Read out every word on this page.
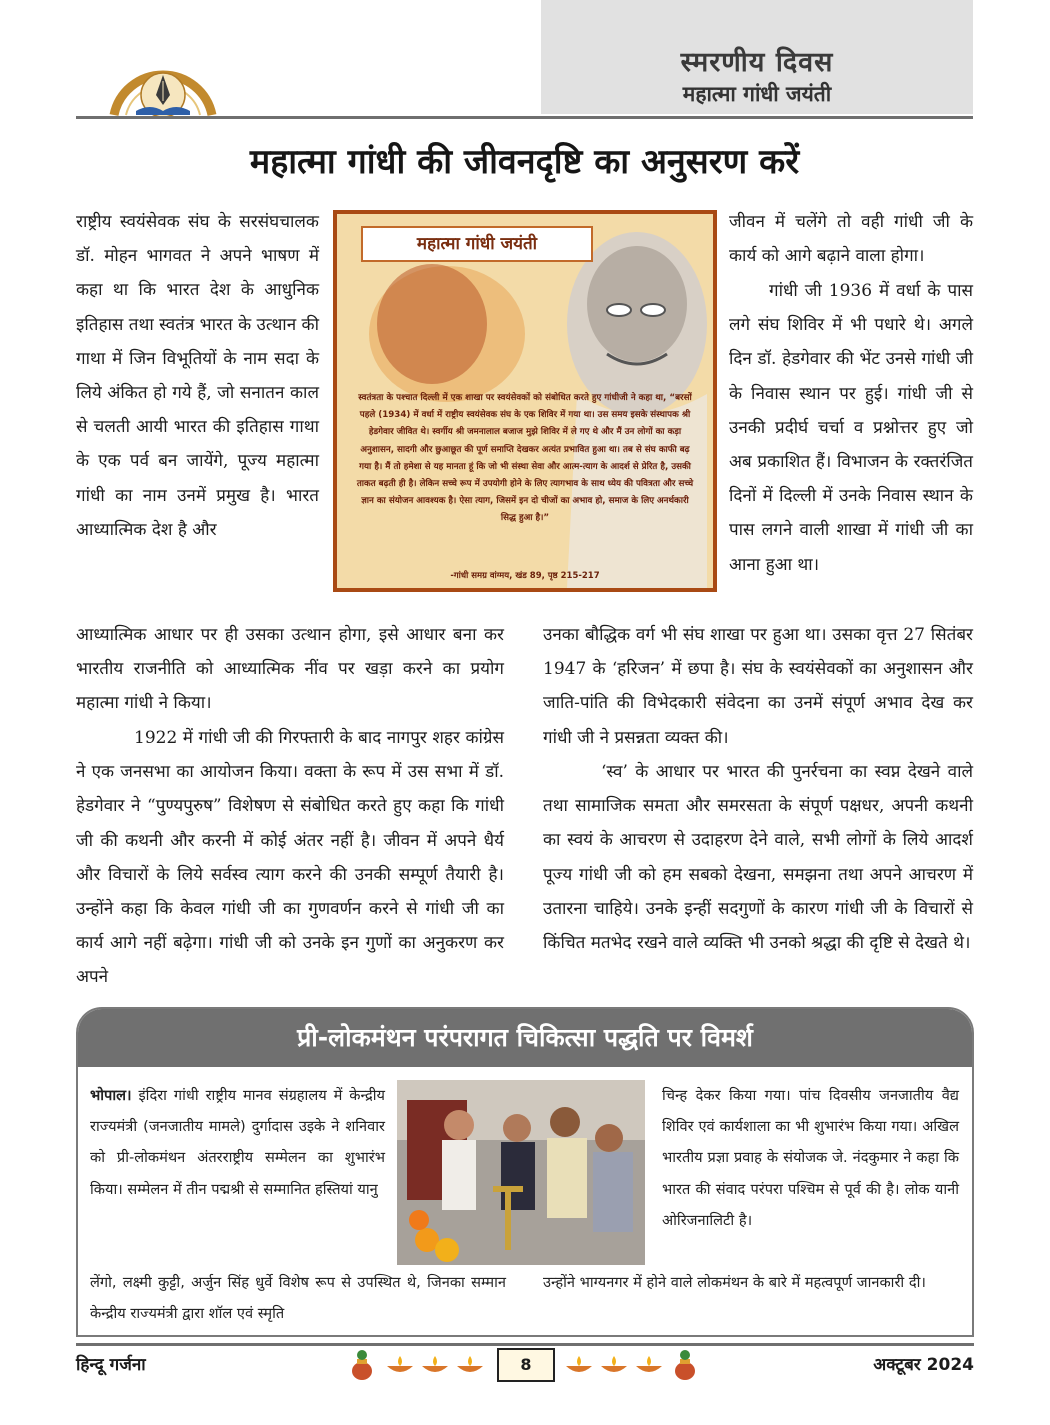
स्मरणीय दिवस
महात्मा गांधी जयंती
महात्मा गांधी की जीवनदृष्टि का अनुसरण करें
राष्ट्रीय स्वयंसेवक संघ के सरसंघचालक डॉ. मोहन भागवत ने अपने भाषण में कहा था कि भारत देश के आधुनिक इतिहास तथा स्वतंत्र भारत के उत्थान की गाथा में जिन विभूतियों के नाम सदा के लिये अंकित हो गये हैं, जो सनातन काल से चलती आयी भारत की इतिहास गाथा के एक पर्व बन जायेंगे, पूज्य महात्मा गांधी का नाम उनमें प्रमुख है। भारत आध्यात्मिक देश है और
आध्यात्मिक आधार पर ही उसका उत्थान होगा, इसे आधार बना कर भारतीय राजनीति को आध्यात्मिक नींव पर खड़ा करने का प्रयोग महात्मा गांधी ने किया।
1922 में गांधी जी की गिरफ्तारी के बाद नागपुर शहर कांग्रेस ने एक जनसभा का आयोजन किया। वक्ता के रूप में उस सभा में डॉ. हेडगेवार ने “पुण्यपुरुष” विशेषण से संबोधित करते हुए कहा कि गांधी जी की कथनी और करनी में कोई अंतर नहीं है। जीवन में अपने धैर्य और विचारों के लिये सर्वस्व त्याग करने की उनकी सम्पूर्ण तैयारी है। उन्होंने कहा कि केवल गांधी जी का गुणवर्णन करने से गांधी जी का कार्य आगे नहीं बढ़ेगा। गांधी जी को उनके इन गुणों का अनुकरण कर अपने
जीवन में चलेंगे तो वही गांधी जी के कार्य को आगे बढ़ाने वाला होगा।
गांधी जी 1936 में वर्धा के पास लगे संघ शिविर में भी पधारे थे। अगले दिन डॉ. हेडगेवार की भेंट उनसे गांधी जी के निवास स्थान पर हुई। गांधी जी से उनकी प्रदीर्घ चर्चा व प्रश्नोत्तर हुए जो अब प्रकाशित हैं। विभाजन के रक्तरंजित दिनों में दिल्ली में उनके निवास स्थान के पास लगने वाली शाखा में गांधी जी का आना हुआ था।
उनका बौद्धिक वर्ग भी संघ शाखा पर हुआ था। उसका वृत्त 27 सितंबर 1947 के ‘हरिजन’ में छपा है। संघ के स्वयंसेवकों का अनुशासन और जाति-पांति की विभेदकारी संवेदना का उनमें संपूर्ण अभाव देख कर गांधी जी ने प्रसन्नता व्यक्त की।
‘स्व’ के आधार पर भारत की पुनर्रचना का स्वप्न देखने वाले तथा सामाजिक समता और समरसता के संपूर्ण पक्षधर, अपनी कथनी का स्वयं के आचरण से उदाहरण देने वाले, सभी लोगों के लिये आदर्श पूज्य गांधी जी को हम सबको देखना, समझना तथा अपने आचरण में उतारना चाहिये। उनके इन्हीं सदगुणों के कारण गांधी जी के विचारों से किंचित मतभेद रखने वाले व्यक्ति भी उनको श्रद्धा की दृष्टि से देखते थे।
महात्मा गांधी जयंती
स्वतंत्रता के पश्चात दिल्ली में एक शाखा पर स्वयंसेवकों को संबोधित करते हुए गांधीजी ने कहा था, “बरसों पहले (1934) में वर्धा में राष्ट्रीय स्वयंसेवक संघ के एक शिविर में गया था। उस समय इसके संस्थापक श्री हेडगेवार जीवित थे। स्वर्गीय श्री जमनालाल बजाज मुझे शिविर में ले गए थे और मैं उन लोगों का कड़ा अनुशासन, सादगी और छुआछूत की पूर्ण समाप्ति देखकर अत्यंत प्रभावित हुआ था। तब से संघ काफी बढ़ गया है। मैं तो हमेशा से यह मानता हूं कि जो भी संस्था सेवा और आत्म-त्याग के आदर्श से प्रेरित है, उसकी ताकत बढ़ती ही है। लेकिन सच्चे रूप में उपयोगी होने के लिए त्यागभाव के साथ ध्येय की पवित्रता और सच्चे ज्ञान का संयोजन आवश्यक है। ऐसा त्याग, जिसमें इन दो चीजों का अभाव हो, समाज के लिए अनर्थकारी सिद्ध हुआ है।”
-गांधी समग्र वांग्मय, खंड 89, पृष्ठ 215-217
प्री-लोकमंथन परंपरागत चिकित्सा पद्धति पर विमर्श
भोपाल। इंदिरा गांधी राष्ट्रीय मानव संग्रहालय में केन्द्रीय राज्यमंत्री (जनजातीय मामले) दुर्गादास उइके ने शनिवार को प्री-लोकमंथन अंतरराष्ट्रीय सम्मेलन का शुभारंभ किया। सम्मेलन में तीन पद्मश्री से सम्मानित हस्तियां यानु
लेंगो, लक्ष्मी कुट्टी, अर्जुन सिंह धुर्वे विशेष रूप से उपस्थित थे, जिनका सम्मान केन्द्रीय राज्यमंत्री द्वारा शॉल एवं स्मृति
चिन्ह देकर किया गया। पांच दिवसीय जनजातीय वैद्य शिविर एवं कार्यशाला का भी शुभारंभ किया गया। अखिल भारतीय प्रज्ञा प्रवाह के संयोजक जे. नंदकुमार ने कहा कि भारत की संवाद परंपरा पश्चिम से पूर्व की है। लोक यानी ओरिजनालिटी है।
उन्होंने भाग्यनगर में होने वाले लोकमंथन के बारे में महत्वपूर्ण जानकारी दी।
हिन्दू गर्जना	8	अक्टूबर 2024
